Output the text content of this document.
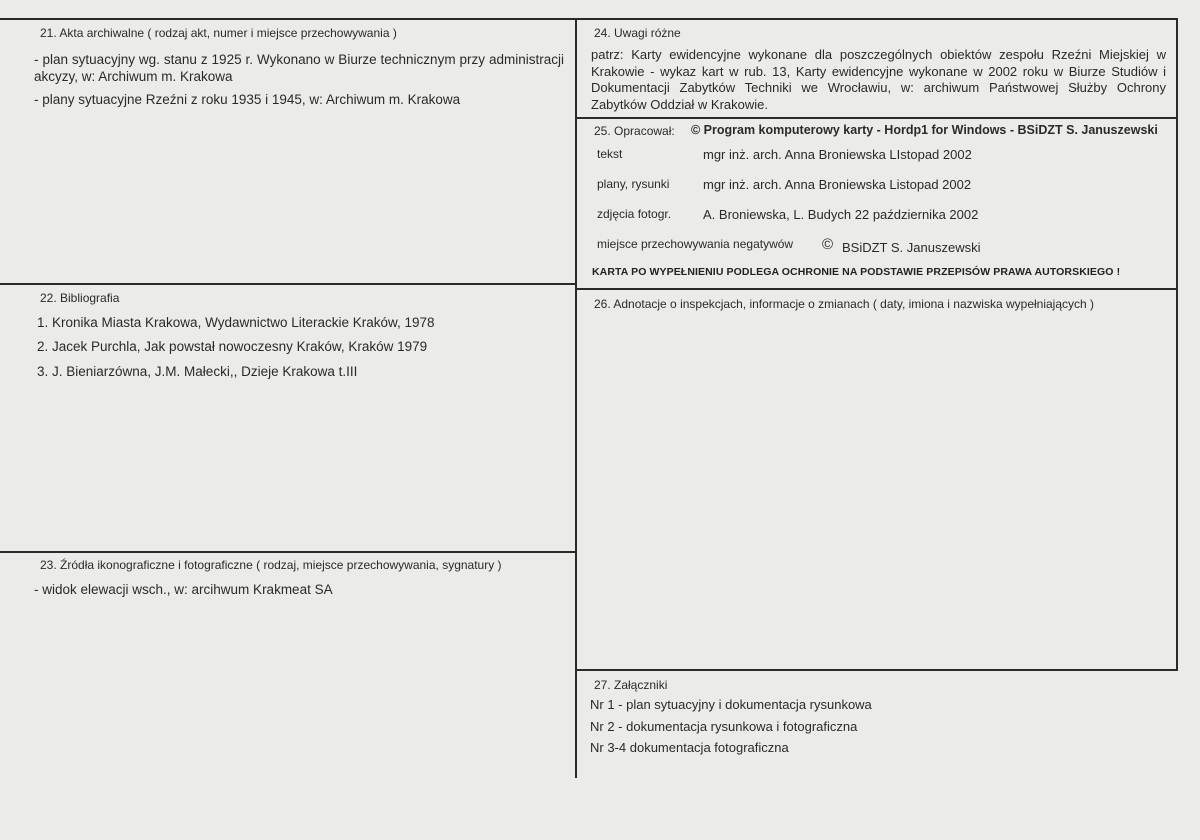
21. Akta archiwalne ( rodzaj akt, numer i miejsce przechowywania )
- plan sytuacyjny wg. stanu z 1925 r. Wykonano w Biurze technicznym przy administracji akcyzy, w: Archiwum m. Krakowa
- plany sytuacyjne Rzeźni z roku 1935 i 1945, w: Archiwum m. Krakowa
22. Bibliografia
1. Kronika Miasta Krakowa, Wydawnictwo Literackie Kraków, 1978
2. Jacek Purchla, Jak powstał nowoczesny Kraków, Kraków 1979
3. J. Bieniarzówna, J.M. Małecki,, Dzieje Krakowa t.III
23. Źródła ikonograficzne i fotograficzne ( rodzaj, miejsce przechowywania, sygnatury )
- widok elewacji wsch., w: arcihwum Krakmeat SA
24. Uwagi różne
patrz: Karty ewidencyjne wykonane dla poszczególnych obiektów zespołu Rzeźni Miejskiej w Krakowie - wykaz kart w rub. 13, Karty ewidencyjne wykonane w 2002 roku w Biurze Studiów i Dokumentacji Zabytków Techniki we Wrocławiu, w: archiwum Państwowej Służby Ochrony Zabytków Oddział w Krakowie.
25. Opracował: © Program komputerowy karty - Hordp1 for Windows - BSiDZT S. Januszewski
tekst	mgr inż. arch. Anna Broniewska LIstopad 2002
plany, rysunki	mgr inż. arch. Anna Broniewska Listopad 2002
zdjęcia fotogr. A. Broniewska, L. Budych 22 października 2002
miejsce przechowywania negatywów © BSiDZT S. Januszewski
KARTA PO WYPEŁNIENIU PODLEGA OCHRONIE NA PODSTAWIE PRZEPISÓW PRAWA AUTORSKIEGO !
26. Adnotacje o inspekcjach, informacje o zmianach ( daty, imiona i nazwiska wypełniających )
27. Załączniki
Nr 1 - plan sytuacyjny i dokumentacja rysunkowa
Nr 2 - dokumentacja rysunkowa i fotograficzna
Nr 3-4 dokumentacja fotograficzna
